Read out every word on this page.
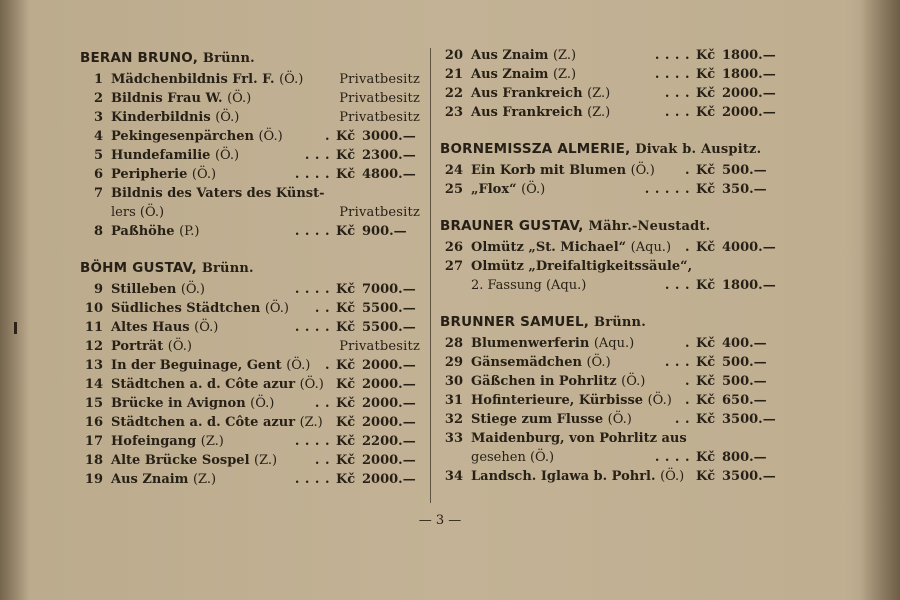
BERAN BRUNO, Brünn.
1 Mädchenbildnis Frl. F. (Ö.)	Privatbesitz
2 Bildnis Frau W. (Ö.)	Privatbesitz
3 Kinderbildnis (Ö.)	Privatbesitz
4 Pekingesenpärchen (Ö.)	. Kč 3000.—
5 Hundefamilie (Ö.)	. . . Kč 2300.—
6 Peripherie (Ö.)	. . . . Kč 4800.—
7 Bildnis des Vaters des Künst-
lers (Ö.)	Privatbesitz
8 Paßhöhe (P.)	. . . . Kč 900.—
BÖHM GUSTAV, Brünn.
9 Stilleben (Ö.)	. . . . Kč 7000.—
10 Südliches Städtchen (Ö.) . . Kč 5500.—
11 Altes Haus (Ö.)	. . . . Kč 5500.—
12 Porträt (Ö.)	Privatbesitz
13 In der Beguinage, Gent (Ö.) . Kč 2000.—
14 Städtchen a. d. Côte azur (Ö.) Kč 2000.—
15 Brücke in Avignon (Ö.)	. . Kč 2000.—
16 Städtchen a. d. Côte azur (Z.) Kč 2000.—
17 Hofeingang (Z.)	. . . . Kč 2200.—
18 Alte Brücke Sospel (Z.)	. . Kč 2000.—
19 Aus Znaim (Z.)	. . . . Kč 2000.—
20 Aus Znaim (Z.)	. . . . Kč 1800.—
21 Aus Znaim (Z.)	. . . . Kč 1800.—
22 Aus Frankreich (Z.)	. . . Kč 2000.—
23 Aus Frankreich (Z.)	. . . Kč 2000.—
BORNEMISSZA ALMERIE, Divak b. Auspitz.
24 Ein Korb mit Blumen (Ö.) . Kč 500.—
25 „Flox“ (Ö.)	. . . . . Kč 350.—
BRAUNER GUSTAV, Mähr.-Neustadt.
26 Olmütz „St. Michael“ (Aqu.) . Kč 4000.—
27 Olmütz „Dreifaltigkeitssäule“,
2. Fassung (Aqu.)	. . . Kč 1800.—
BRUNNER SAMUEL, Brünn.
28 Blumenwerferin (Aqu.)	. Kč 400.—
29 Gänsemädchen (Ö.)	. . . Kč 500.—
30 Gäßchen in Pohrlitz (Ö.)	. Kč 500.—
31 Hofinterieure, Kürbisse (Ö.) . Kč 650.—
32 Stiege zum Flusse (Ö.)	. . Kč 3500.—
33 Maidenburg, von Pohrlitz aus
gesehen (Ö.)	. . . . Kč 800.—
34 Landsch. Iglawa b. Pohrl. (Ö.) Kč 3500.—
— 3 —
